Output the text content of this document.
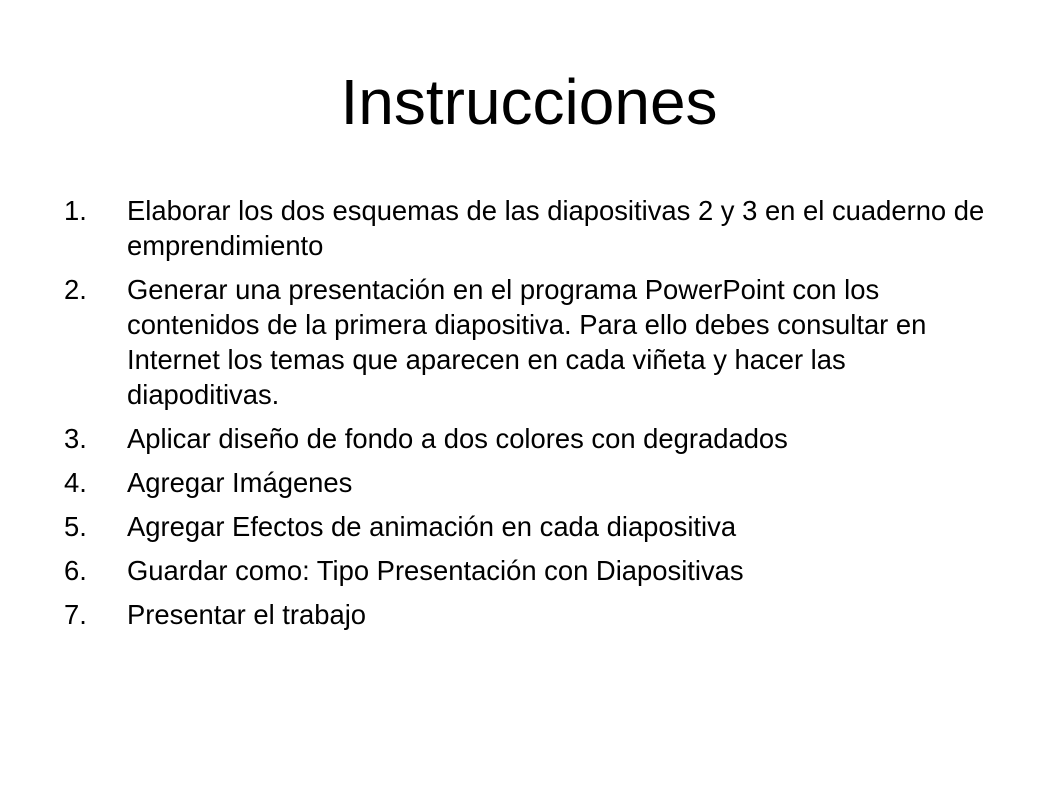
Instrucciones
1.	Elaborar los dos esquemas de las diapositivas 2 y 3 en el cuaderno de emprendimiento
2.	Generar una presentación en el programa PowerPoint con los contenidos de la primera diapositiva. Para ello debes consultar en Internet los temas que aparecen en cada viñeta y hacer las diapoditivas.
3.	Aplicar diseño de fondo a dos colores con degradados
4.	Agregar Imágenes
5.	Agregar Efectos de animación en cada diapositiva
6.	Guardar como: Tipo Presentación con Diapositivas
7.	Presentar el trabajo
